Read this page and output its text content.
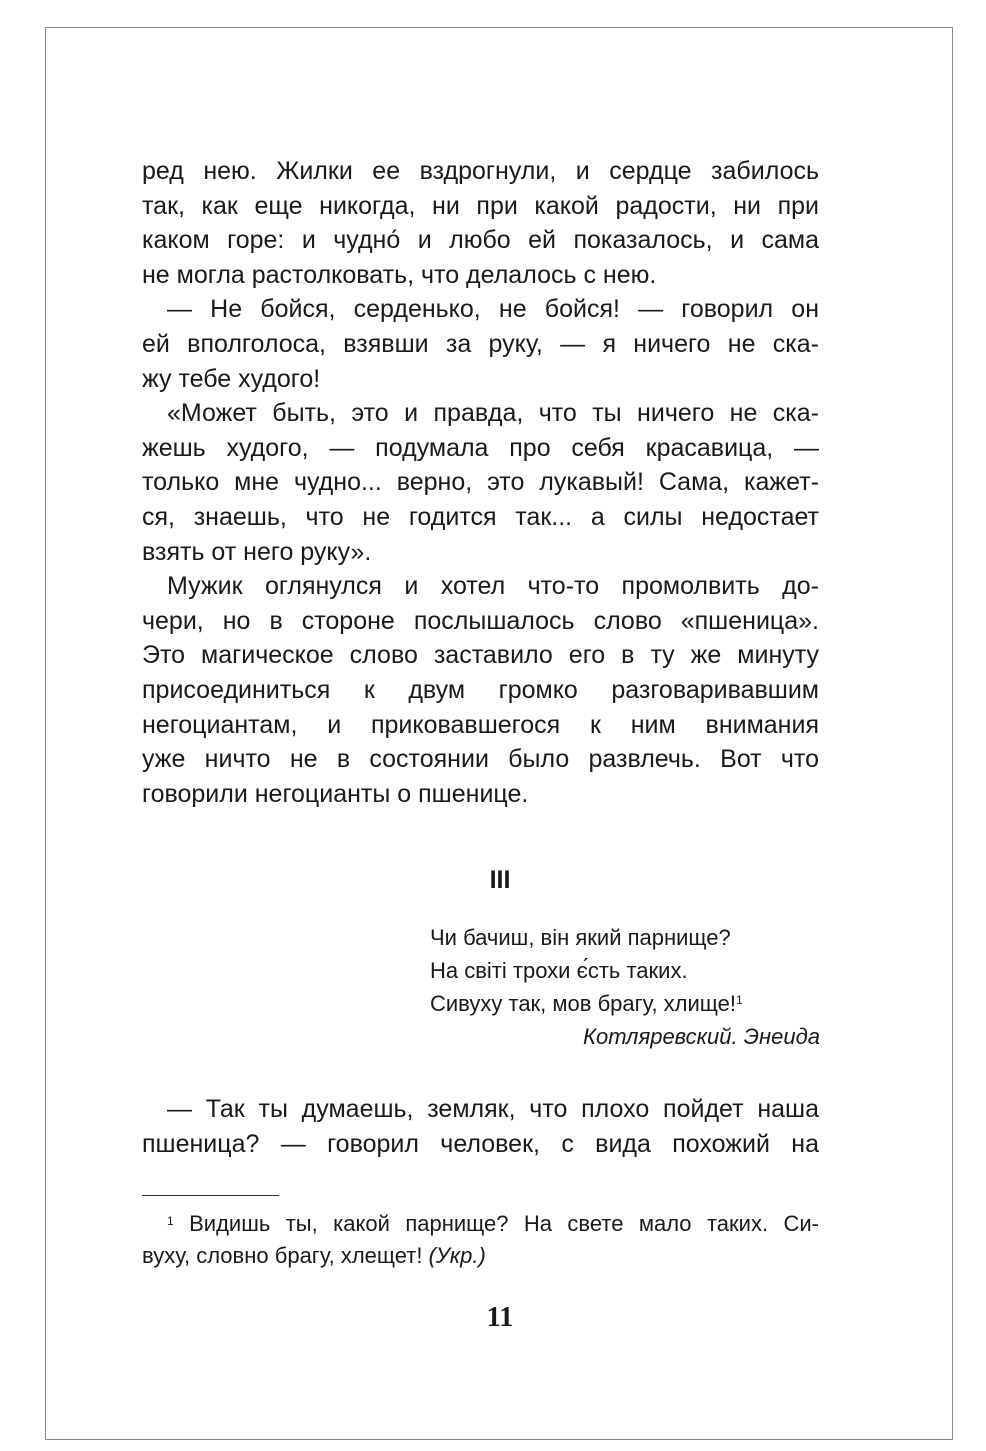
ред нею. Жилки ее вздрогнули, и сердце забилось
так, как еще никогда, ни при какой радости, ни при
каком горе: и чудно́ и любо ей показалось, и сама
не могла растолковать, что делалось с нею.

— Не бойся, серденько, не бойся! — говорил он
ей вполголоса, взявши за руку, — я ничего не ска-
жу тебе худого!

«Может быть, это и правда, что ты ничего не ска-
жешь худого, — подумала про себя красавица, —
только мне чудно... верно, это лукавый! Сама, кажет-
ся, знаешь, что не годится так... а силы недостает
взять от него руку».

Мужик оглянулся и хотел что-то промолвить до-
чери, но в стороне послышалось слово «пшеница».
Это магическое слово заставило его в ту же минуту
присоединиться к двум громко разговаривавшим
негоциантам, и приковавшегося к ним внимания
уже ничто не в состоянии было развлечь. Вот что
говорили негоцианты о пшенице.

III
Чи бачиш, він який парнище?
На світі трохи є́сть таких.
Сивуху так, мов брагу, хлище!$^1$
Котляревский. Энеида
— Так ты думаешь, земляк, что плохо пойдет наша
пшеница? — говорил человек, с вида похожий на
$^1$ Видишь ты, какой парнище? На свете мало таких. Си-
вуху, словно брагу, хлещет! (Укр.)
11
